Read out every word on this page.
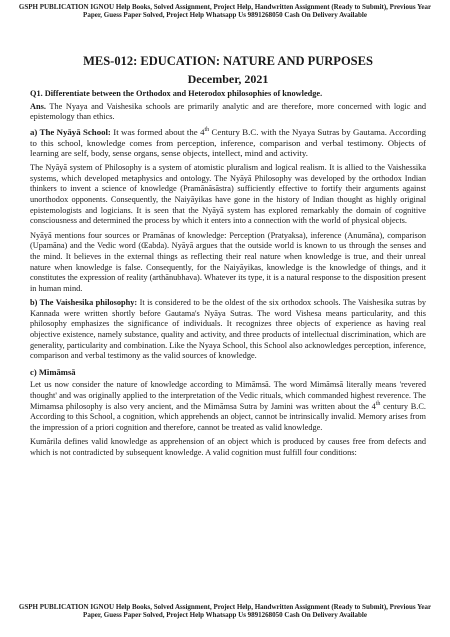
GSPH PUBLICATION IGNOU Help Books, Solved Assignment, Project Help, Handwritten Assignment (Ready to Submit), Previous Year Paper, Guess Paper Solved, Project Help Whatsapp Us 9891268050 Cash On Delivery Available
MES-012: EDUCATION: NATURE AND PURPOSES
December, 2021

Q1. Differentiate between the Orthodox and Heterodox philosophies of knowledge.

Ans. The Nyaya and Vaishesika schools are primarily analytic and are therefore, more concerned with logic and epistemology than ethics.

a) The Nyāyā School: It was formed about the 4th Century B.C. with the Nyaya Sutras by Gautama. According to this school, knowledge comes from perception, inference, comparison and verbal testimony. Objects of learning are self, body, sense organs, sense objects, intellect, mind and activity.

The Nyāyā system of Philosophy is a system of atomistic pluralism and logical realism. It is allied to the Vaishessika systems, which developed metaphysics and ontology. The Nyāyā Philosophy was developed by the orthodox Indian thinkers to invent a science of knowledge (Pramānāsāstra) sufficiently effective to fortify their arguments against unorthodox opponents. Consequently, the Naiyāyikas have gone in the history of Indian thought as highly original epistemologists and logicians. It is seen that the Nyāyā system has explored remarkably the domain of cognitive consciousness and determined the process by which it enters into a connection with the world of physical objects.

Nyāyā mentions four sources or Pramānas of knowledge: Perception (Pratyaksa), inference (Anumāna), comparison (Upamāna) and the Vedic word (Œabda). Nyāyā argues that the outside world is known to us through the senses and the mind. It believes in the external things as reflecting their real nature when knowledge is true, and their unreal nature when knowledge is false. Consequently, for the Naiyāyikas, knowledge is the knowledge of things, and it constitutes the expression of reality (arthānubhava). Whatever its type, it is a natural response to the disposition present in human mind.

b) The Vaishesika philosophy: It is considered to be the oldest of the six orthodox schools. The Vaishesika sutras by Kannada were written shortly before Gautama's Nyāya Sutras. The word Vishesa means particularity, and this philosophy emphasizes the significance of individuals. It recognizes three objects of experience as having real objective existence, namely substance, quality and activity, and three products of intellectual discrimination, which are generality, particularity and combination. Like the Nyaya School, this School also acknowledges perception, inference, comparison and verbal testimony as the valid sources of knowledge.

c) Mimāmsā

Let us now consider the nature of knowledge according to Mimāmsā. The word Mimāmsā literally means 'revered thought' and was originally applied to the interpretation of the Vedic rituals, which commanded highest reverence. The Mimamsa philosophy is also very ancient, and the Mimāmsa Sutra by Jamini was written about the 4th century B.C. According to this School, a cognition, which apprehends an object, cannot be intrinsically invalid. Memory arises from the impression of a priori cognition and therefore, cannot be treated as valid knowledge.

Kumārila defines valid knowledge as apprehension of an object which is produced by causes free from defects and which is not contradicted by subsequent knowledge. A valid cognition must fulfill four conditions:

GSPH PUBLICATION IGNOU Help Books, Solved Assignment, Project Help, Handwritten Assignment (Ready to Submit), Previous Year Paper, Guess Paper Solved, Project Help Whatsapp Us 9891268050 Cash On Delivery Available
